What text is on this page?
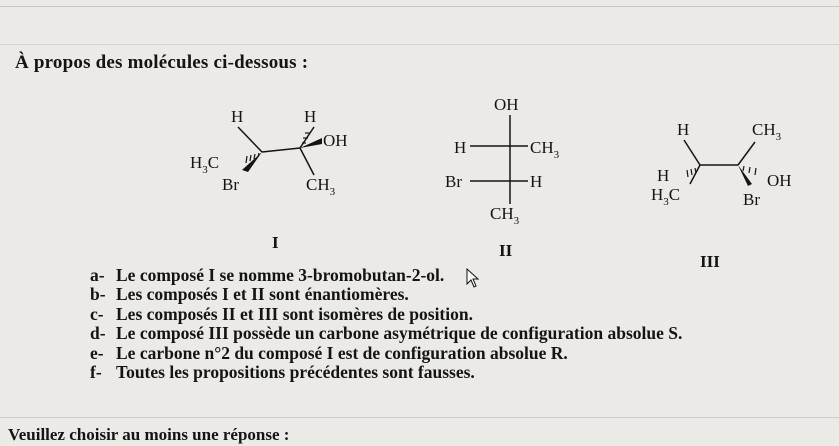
À propos des molécules ci-dessous :
H	H
$H_3C$
Br
OH
$CH_3$
I
OH
H	$CH_3$
Br	H
$CH_3$
II
H	$CH_3$
H
$H_3C$
OH
Br
III
a- Le composé I se nomme 3-bromobutan-2-ol.
b- Les composés I et II sont énantiomères.
c- Les composés II et III sont isomères de position.
d- Le composé III possède un carbone asymétrique de configuration absolue S.
e- Le carbone n°2 du composé I est de configuration absolue R.
f- Toutes les propositions précédentes sont fausses.
Veuillez choisir au moins une réponse :
